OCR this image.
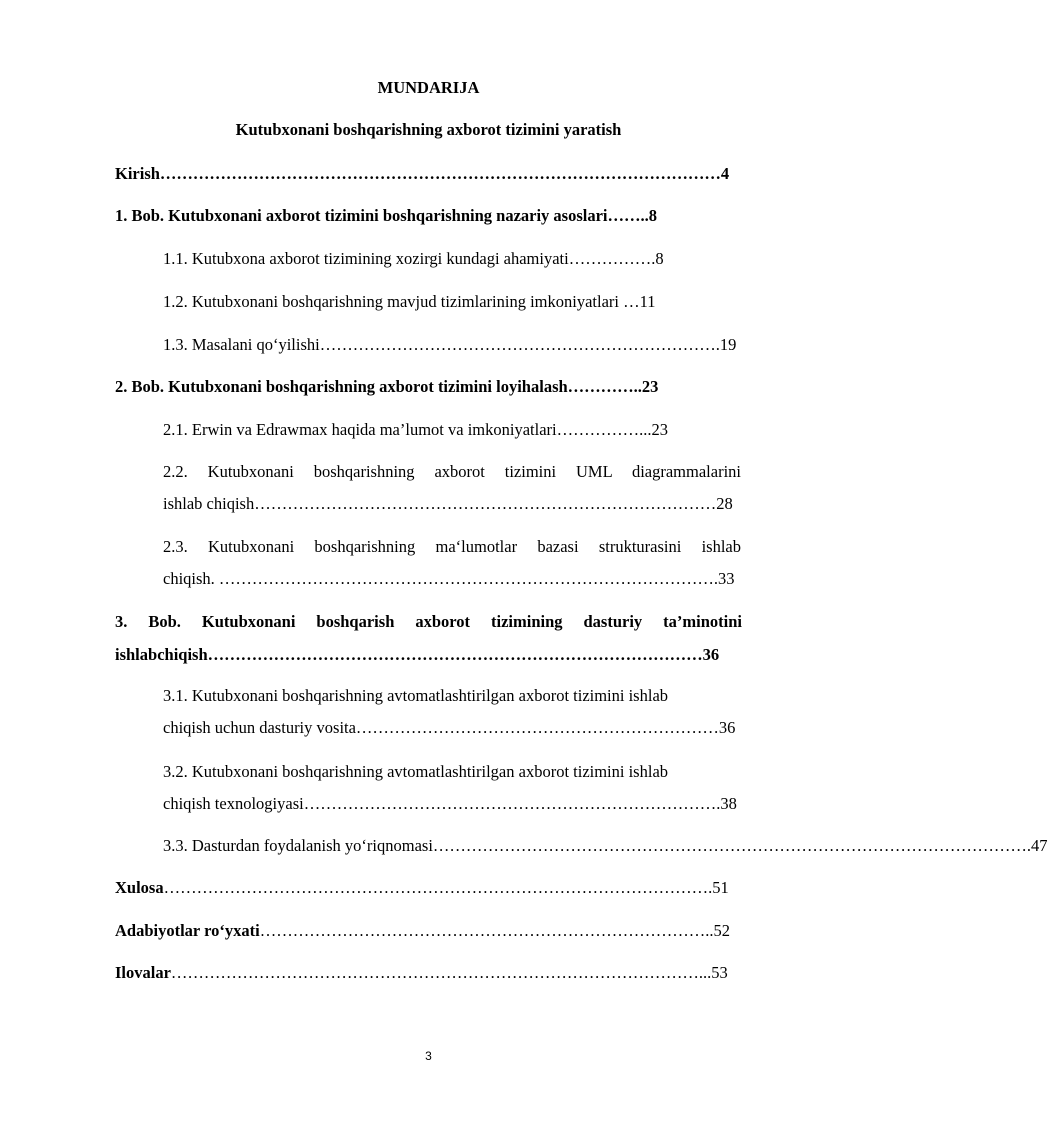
MUNDARIJA
Kutubxonani boshqarishning axborot tizimini yaratish
Kirish…………………………………………………………………………………………4
1. Bob. Kutubxonani axborot tizimini boshqarishning nazariy asoslari……..8
1.1. Kutubxona axborot tizimining xozirgi kundagi ahamiyati…………….8
1.2. Kutubxonani boshqarishning mavjud tizimlarining imkoniyatlari …11
1.3. Masalani qo‘yilishi……………………………………………………………….19
2. Bob. Kutubxonani boshqarishning axborot tizimini loyihalash…………..23
2.1. Erwin va Edrawmax haqida ma’lumot va imkoniyatlari……………...23
2.2. Kutubxonani boshqarishning axborot tizimini UML diagrammalarini
ishlab chiqish…………………………………………………………………………28
2.3. Kutubxonani boshqarishning ma‘lumotlar bazasi strukturasini ishlab
chiqish. ……………………………………………………………………………….33
3. Bob. Kutubxonani boshqarish axborot tizimining dasturiy ta’minotini
ishlabchiqish………………………………………………………………………………36
3.1. Kutubxonani boshqarishning avtomatlashtirilgan axborot tizimini ishlab
chiqish uchun dasturiy vosita…………………………………………………………36
3.2. Kutubxonani boshqarishning avtomatlashtirilgan axborot tizimini ishlab
chiqish texnologiyasi………………………………………………………………….38
3.3. Dasturdan foydalanish yo‘riqnomasi……………………………………………………………………………………………….47
Xulosa……………………………………………………………………………………….51
Adabiyotlar ro‘yxati………………………………………………………………………..52
Ilovalar……………………………………………………………………………………...53
3
